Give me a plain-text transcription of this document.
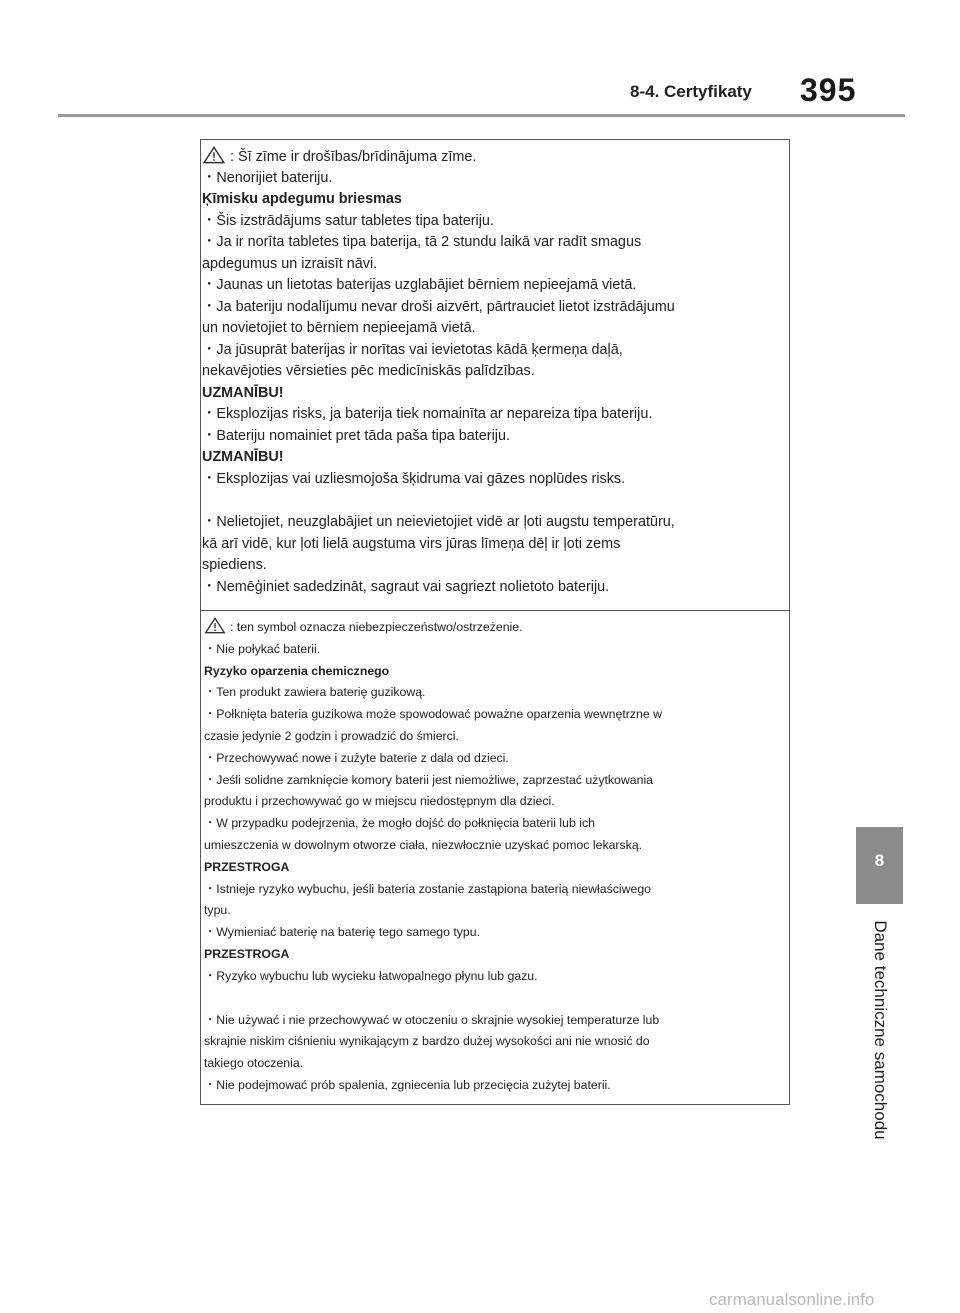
8-4. Certyfikaty 395
8
Dane techniczne samochodu
: Šī zīme ir drošības/brīdinājuma zīme.
・Nenorijiet bateriju.
Ķīmisku apdegumu briesmas
・Šis izstrādājums satur tabletes tipa bateriju.
・Ja ir norīta tabletes tipa baterija, tā 2 stundu laikā var radīt smagus
apdegumus un izraisīt nāvi.
・Jaunas un lietotas baterijas uzglabājiet bērniem nepieejamā vietā.
・Ja bateriju nodalījumu nevar droši aizvērt, pārtrauciet lietot izstrādājumu
un novietojiet to bērniem nepieejamā vietā.
・Ja jūsuprāt baterijas ir norītas vai ievietotas kādā ķermeņa daļā,
nekavējoties vērsieties pēc medicīniskās palīdzības.
UZMANĪBU!
・Eksplozijas risks, ja baterija tiek nomainīta ar nepareiza tipa bateriju.
・Bateriju nomainiet pret tāda paša tipa bateriju.
UZMANĪBU!
・Eksplozijas vai uzliesmojoša šķidruma vai gāzes noplūdes risks.
・Nelietojiet, neuzglabājiet un neievietojiet vidē ar ļoti augstu temperatūru,
kā arī vidē, kur ļoti lielā augstuma virs jūras līmeņa dēļ ir ļoti zems
spiediens.
・Nemēģiniet sadedzināt, sagraut vai sagriezt nolietoto bateriju.
: ten symbol oznacza niebezpieczeństwo/ostrzeżenie.
・Nie połykać baterii.
Ryzyko oparzenia chemicznego
・Ten produkt zawiera baterię guzikową.
・Połknięta bateria guzikowa może spowodować poważne oparzenia wewnętrzne w
czasie jedynie 2 godzin i prowadzić do śmierci.
・Przechowywać nowe i zużyte baterie z dala od dzieci.
・Jeśli solidne zamknięcie komory baterii jest niemożliwe, zaprzestać użytkowania
produktu i przechowywać go w miejscu niedostępnym dla dzieci.
・W przypadku podejrzenia, że mogło dojść do połknięcia baterii lub ich
umieszczenia w dowolnym otworze ciała, niezwłocznie uzyskać pomoc lekarską.
PRZESTROGA
・Istnieje ryzyko wybuchu, jeśli bateria zostanie zastąpiona baterią niewłaściwego
typu.
・Wymieniać baterię na baterię tego samego typu.
PRZESTROGA
・Ryzyko wybuchu lub wycieku łatwopalnego płynu lub gazu.
・Nie używać i nie przechowywać w otoczeniu o skrajnie wysokiej temperaturze lub
skrajnie niskim ciśnieniu wynikającym z bardzo dużej wysokości ani nie wnosić do
takiego otoczenia.
・Nie podejmować prób spalenia, zgniecenia lub przecięcia zużytej baterii.
carmanualsonline.info
